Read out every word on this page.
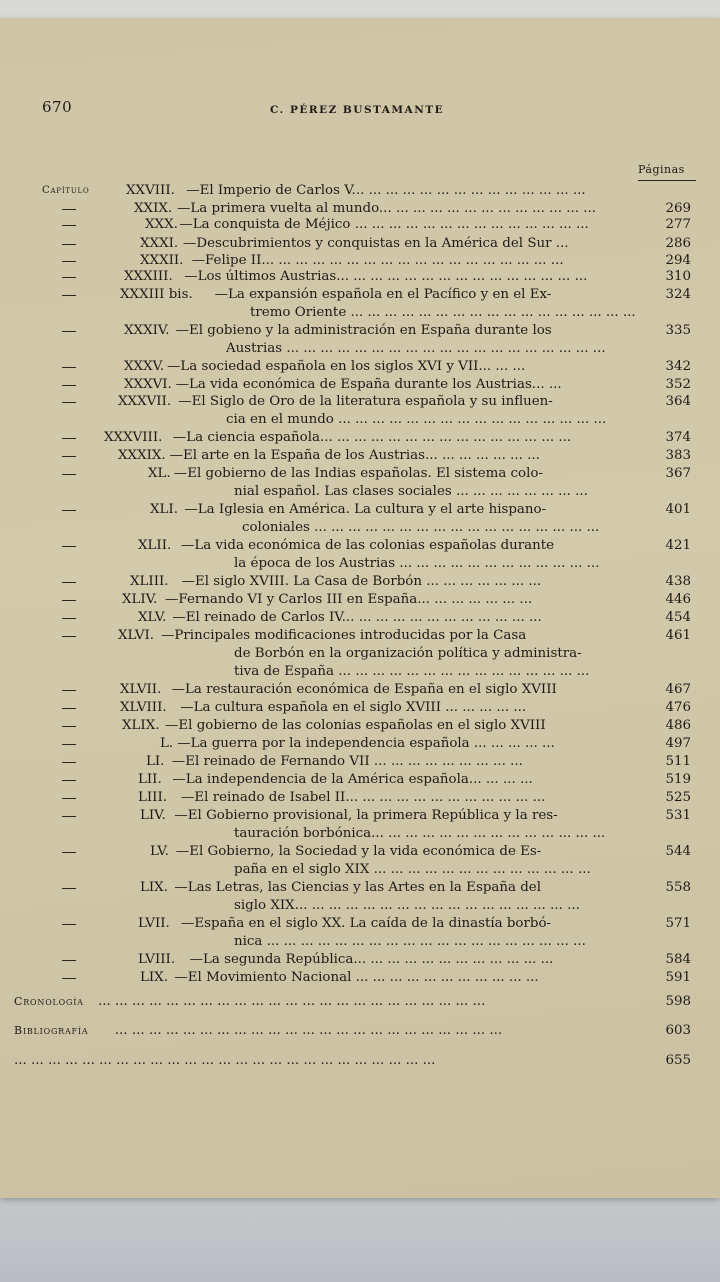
670	C. PÉREZ BUSTAMANTE
Páginas
Capítulo	XXVIII. —El Imperio de Carlos V... ... ... ... ... ... ... ... ... ... ... ... ... ...
XXIX. —La primera vuelta al mundo... ... ... ... ... ... ... ... ... ... ... ... ...	269
XXX. —La conquista de Méjico ... ... ... ... ... ... ... ... ... ... ... ... ... ...	277
XXXI. —Descubrimientos y conquistas en la América del Sur ...	286
XXXII. —Felipe II... ... ... ... ... ... ... ... ... ... ... ... ... ... ... ... ... ...	294
XXXIII. —Los últimos Austrias... ... ... ... ... ... ... ... ... ... ... ... ... ... ...	310
XXXIII bis. —La expansión española en el Pacífico y en el Ex-	324
tremo Oriente ... ... ... ... ... ... ... ... ... ... ... ... ... ... ... ... ...
XXXIV. —El gobieno y la administración en España durante los	335
Austrias ... ... ... ... ... ... ... ... ... ... ... ... ... ... ... ... ... ... ...
XXXV. —La sociedad española en los siglos XVI y VII... ... ...	342
XXXVI. —La vida económica de España durante los Austrias... ...	352
XXXVII. —El Siglo de Oro de la literatura española y su influen-	364
cia en el mundo ... ... ... ... ... ... ... ... ... ... ... ... ... ... ... ...
XXXVIII. —La ciencia española... ... ... ... ... ... ... ... ... ... ... ... ... ... ...	374
XXXIX. —El arte en la España de los Austrias... ... ... ... ... ... ...	383
XL. —El gobierno de las Indias españolas. El sistema colo-	367
nial español. Las clases sociales ... ... ... ... ... ... ... ...
XLI. —La Iglesia en América. La cultura y el arte hispano-	401
coloniales ... ... ... ... ... ... ... ... ... ... ... ... ... ... ... ... ...
XLII. —La vida económica de las colonias españolas durante	421
la época de los Austrias ... ... ... ... ... ... ... ... ... ... ... ...
XLIII. —El siglo XVIII. La Casa de Borbón ... ... ... ... ... ... ...	438
XLIV. —Fernando VI y Carlos III en España... ... ... ... ... ... ...	446
XLV. —El reinado de Carlos IV... ... ... ... ... ... ... ... ... ... ... ...	454
XLVI. —Principales modificaciones introducidas por la Casa	461
de Borbón en la organización política y administra-
tiva de España ... ... ... ... ... ... ... ... ... ... ... ... ... ... ...
XLVII. —La restauración económica de España en el siglo XVIII	467
XLVIII. —La cultura española en el siglo XVIII ... ... ... ... ...	476
XLIX. —El gobierno de las colonias españolas en el siglo XVIII	486
L. —La guerra por la independencia española ... ... ... ... ...	497
LI. —El reinado de Fernando VII ... ... ... ... ... ... ... ... ...	511
LII. —La independencia de la América española... ... ... ...	519
LIII. —El reinado de Isabel II... ... ... ... ... ... ... ... ... ... ... ...	525
LIV. —El Gobierno provisional, la primera República y la res-	531
tauración borbónica... ... ... ... ... ... ... ... ... ... ... ... ... ...
LV. —El Gobierno, la Sociedad y la vida económica de Es-	544
paña en el siglo XIX ... ... ... ... ... ... ... ... ... ... ... ... ...
LIX. —Las Letras, las Ciencias y las Artes en la España del	558
siglo XIX... ... ... ... ... ... ... ... ... ... ... ... ... ... ... ... ...
LVII. —España en el siglo XX. La caída de la dinastía borbó-	571
nica ... ... ... ... ... ... ... ... ... ... ... ... ... ... ... ... ... ... ...
LVIII. —La segunda República... ... ... ... ... ... ... ... ... ... ... ...	584
LIX. —El Movimiento Nacional ... ... ... ... ... ... ... ... ... ... ...	591
Cronología ... ... ... ... ... ... ... ... ... ... ... ... ... ... ... ... ... ... ... ... ... ... ...	598
Bibliografía ... ... ... ... ... ... ... ... ... ... ... ... ... ... ... ... ... ... ... ... ... ... ...	603
... ... ... ... ... ... ... ... ... ... ... ... ... ... ... ... ... ... ... ... ... ... ... ... ...	655
